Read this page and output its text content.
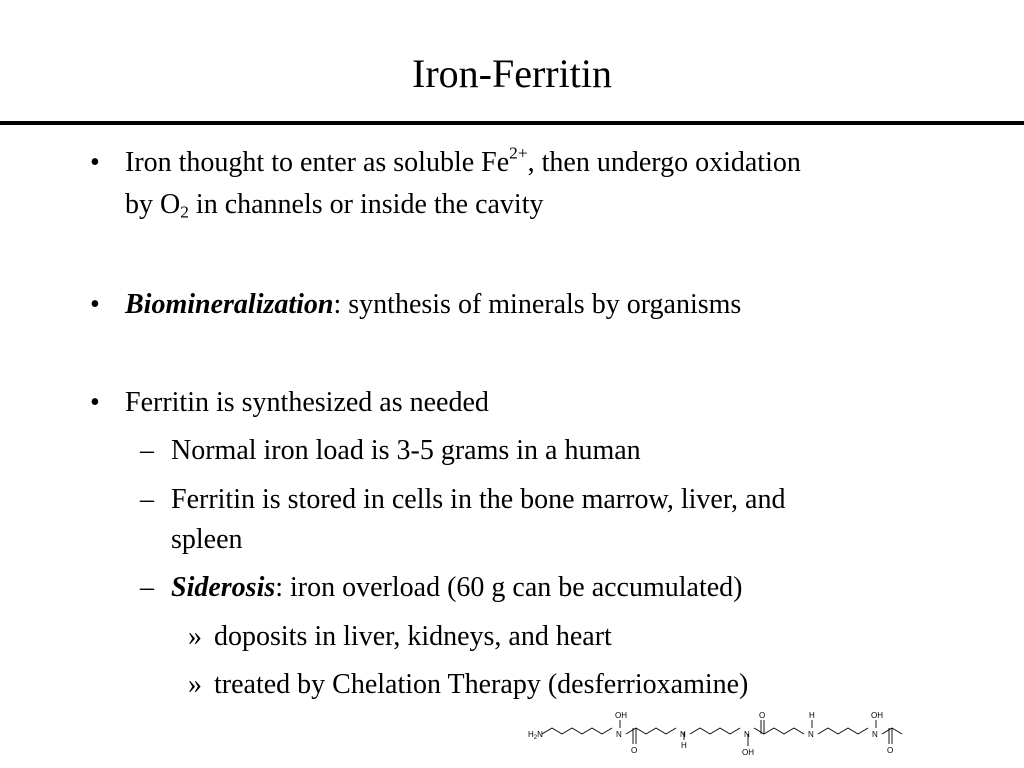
Iron-Ferritin
• Iron thought to enter as soluble $Fe^{2+}$, then undergo oxidation
by $O_2$ in channels or inside the cavity
• Biomineralization: synthesis of minerals by organisms
• Ferritin is synthesized as needed
– Normal iron load is 3-5 grams in a human
– Ferritin is stored in cells in the bone marrow, liver, and
spleen
– Siderosis: iron overload (60 g can be accumulated)
» doposits in liver, kidneys, and heart
» treated by Chelation Therapy (desferrioxamine)
$H_2N$
OH
N
O
N
H
N
OH
O
N
H
N
OH
O
